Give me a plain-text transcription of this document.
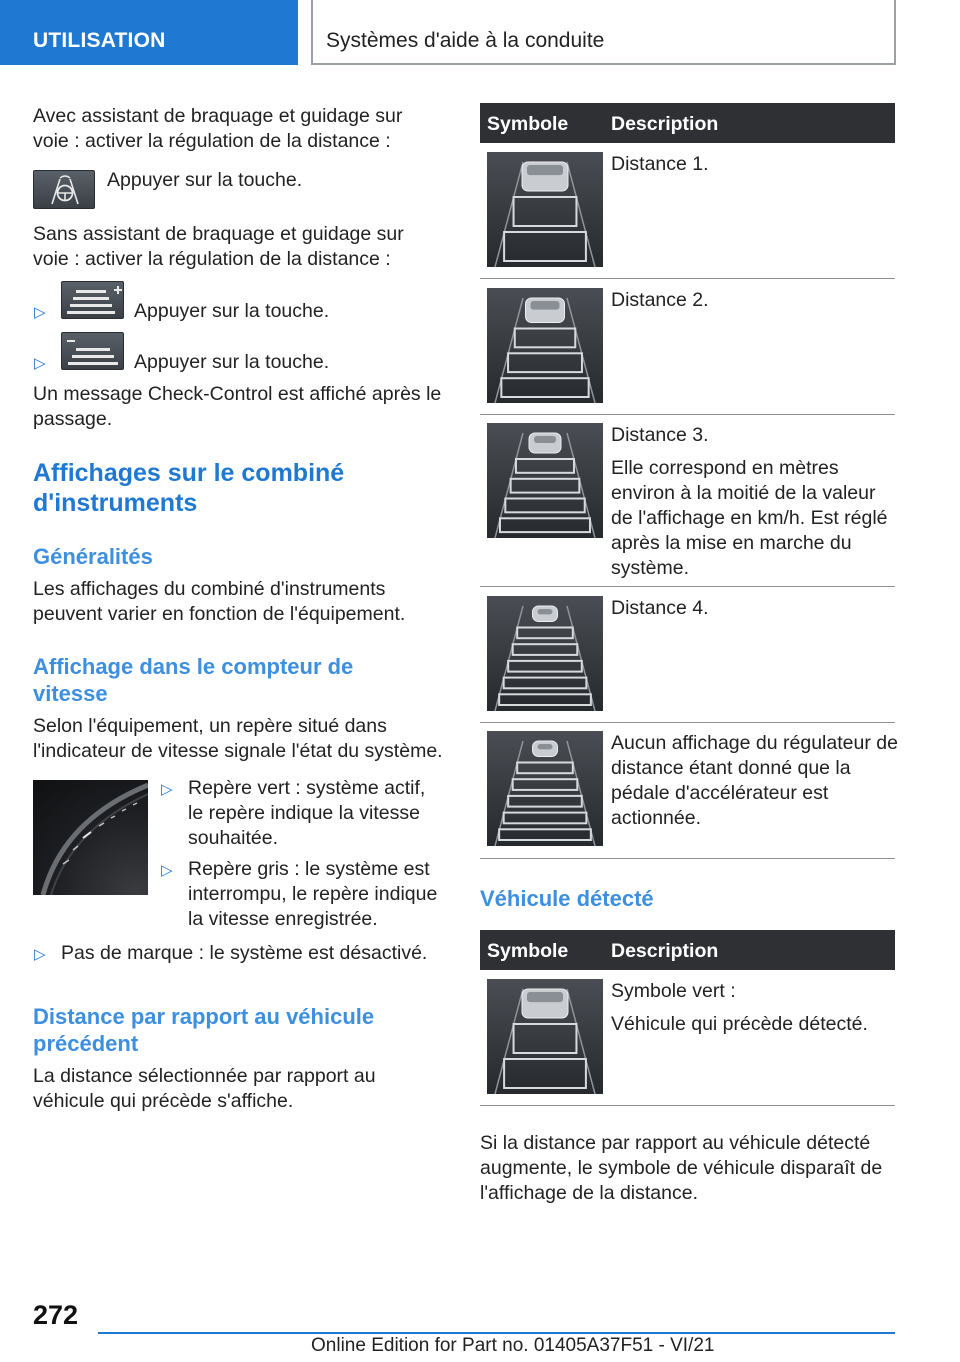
UTILISATION	Systèmes d'aide à la conduite
Avec assistant de braquage et guidage sur voie : activer la régulation de la distance :
Appuyer sur la touche.
Sans assistant de braquage et guidage sur voie : activer la régulation de la distance :
▷	Appuyer sur la touche.
▷	Appuyer sur la touche.
Un message Check-Control est affiché après le passage.
Affichages sur le combiné d'instruments
Généralités
Les affichages du combiné d'instruments peuvent varier en fonction de l'équipement.
Affichage dans le compteur de vitesse
Selon l'équipement, un repère situé dans l'indicateur de vitesse signale l'état du système.
▷ Repère vert : système actif, le repère indique la vitesse souhaitée.
▷ Repère gris : le système est interrompu, le repère indique la vitesse enregistrée.
▷ Pas de marque : le système est désactivé.
Distance par rapport au véhicule précédent
La distance sélectionnée par rapport au véhicule qui précède s'affiche.
Symbole Description
Distance 1.
Distance 2.
Distance 3.
Elle correspond en mètres environ à la moitié de la valeur de l'affichage en km/h. Est réglé après la mise en marche du système.
Distance 4.
Aucun affichage du régulateur de distance étant donné que la pédale d'accélérateur est actionnée.
Véhicule détecté
Symbole Description
Symbole vert :
Véhicule qui précède détecté.
Si la distance par rapport au véhicule détecté augmente, le symbole de véhicule disparaît de l'affichage de la distance.
272
Online Edition for Part no. 01405A37F51 - VI/21
